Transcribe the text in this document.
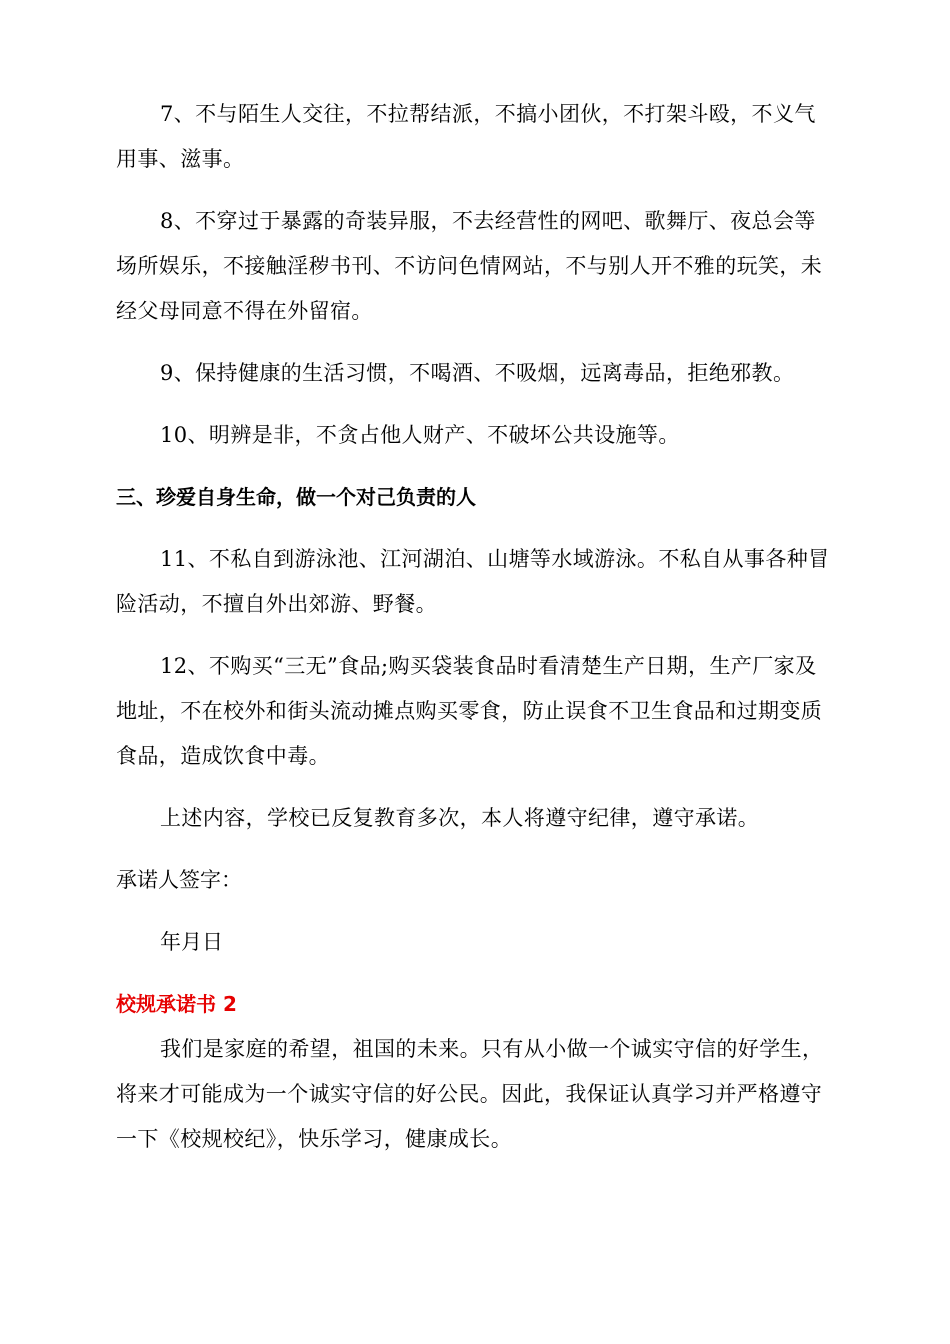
7、不与陌生人交往，不拉帮结派，不搞小团伙，不打架斗殴，不义气用事、滋事。

8、不穿过于暴露的奇装异服，不去经营性的网吧、歌舞厅、夜总会等场所娱乐，不接触淫秽书刊、不访问色情网站，不与别人开不雅的玩笑，未经父母同意不得在外留宿。

9、保持健康的生活习惯，不喝酒、不吸烟，远离毒品，拒绝邪教。

10、明辨是非，不贪占他人财产、不破坏公共设施等。

三、珍爱自身生命，做一个对己负责的人

11、不私自到游泳池、江河湖泊、山塘等水域游泳。不私自从事各种冒险活动，不擅自外出郊游、野餐。

12、不购买“三无”食品;购买袋装食品时看清楚生产日期，生产厂家及地址，不在校外和街头流动摊点购买零食，防止误食不卫生食品和过期变质食品，造成饮食中毒。

上述内容，学校已反复教育多次，本人将遵守纪律，遵守承诺。

承诺人签字：

年月日

校规承诺书 2

我们是家庭的希望，祖国的未来。只有从小做一个诚实守信的好学生，将来才可能成为一个诚实守信的好公民。因此，我保证认真学习并严格遵守一下《校规校纪》，快乐学习，健康成长。
